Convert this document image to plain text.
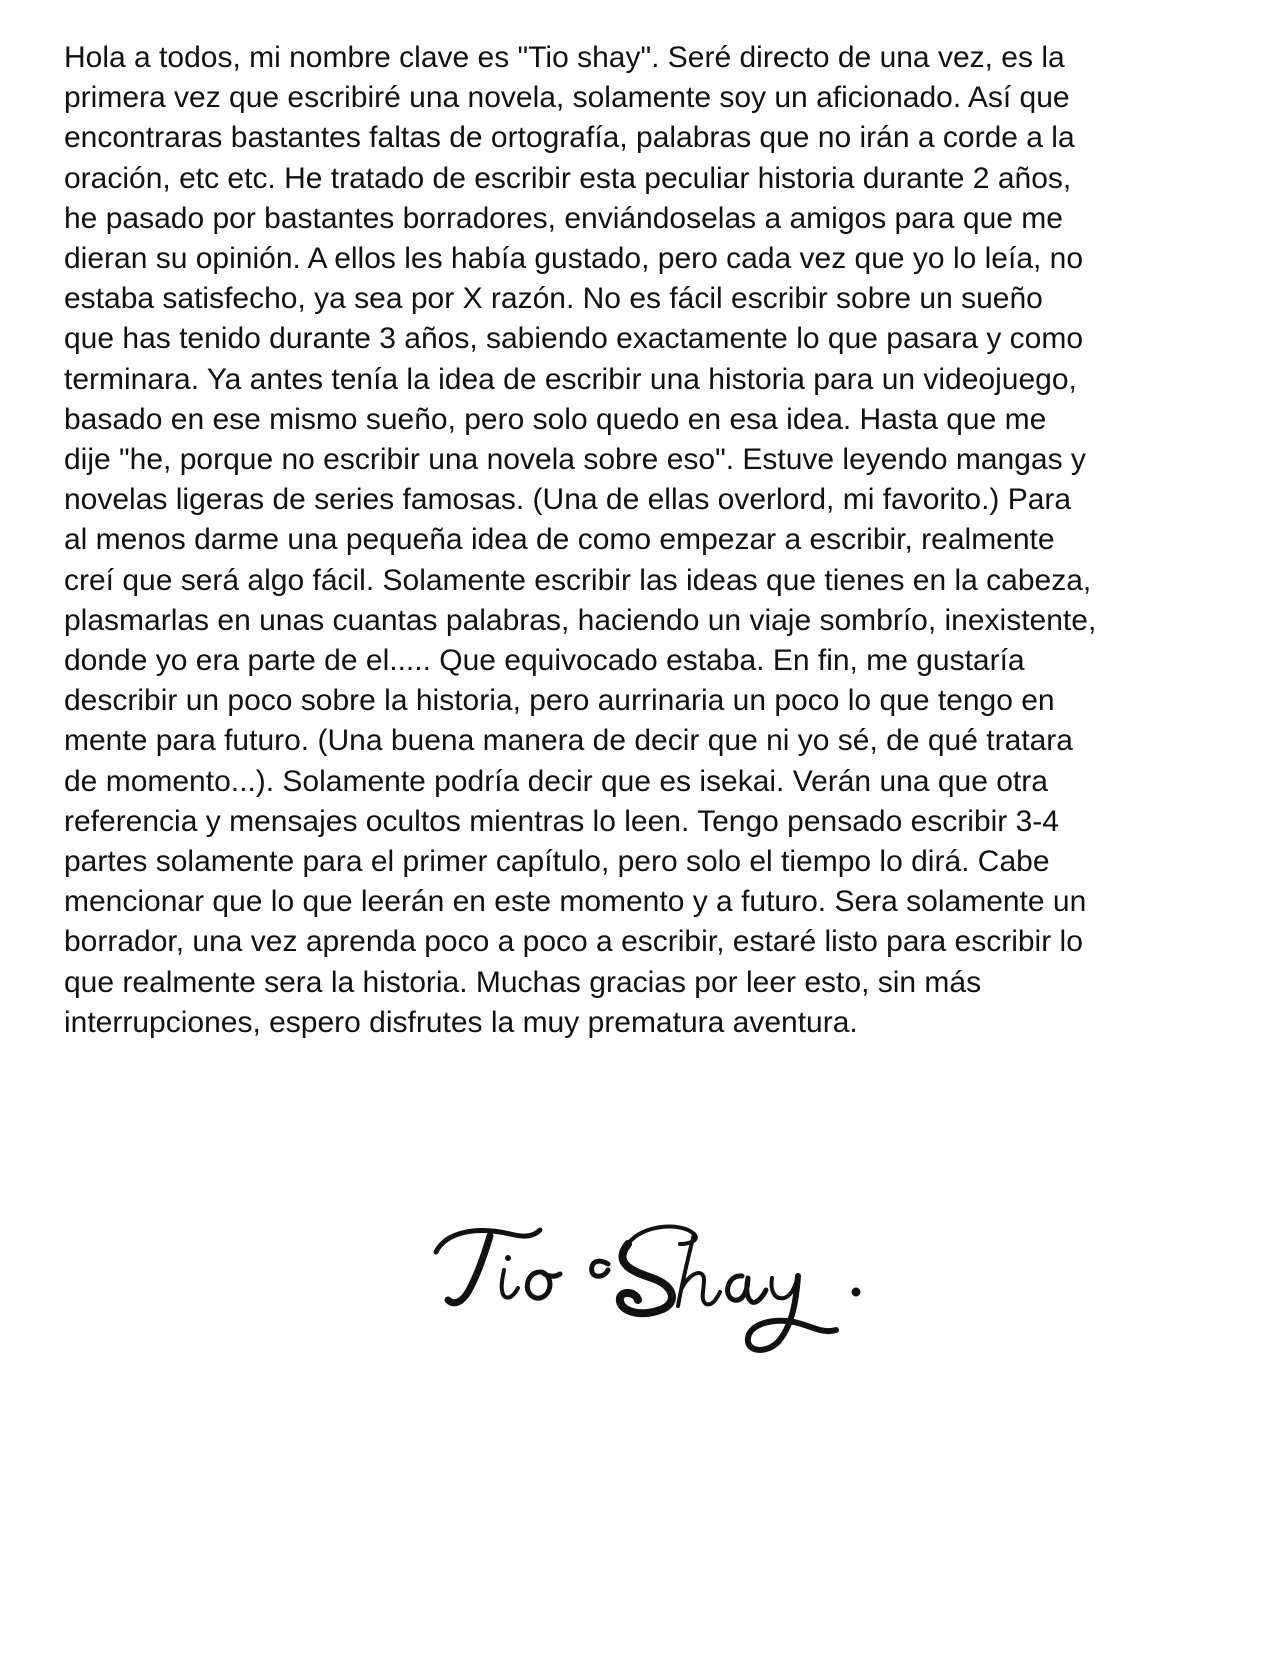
Hola a todos, mi nombre clave es "Tio shay". Seré directo de una vez, es la
primera vez que escribiré una novela, solamente soy un aficionado. Así que
encontraras bastantes faltas de ortografía, palabras que no irán a corde a la
oración, etc etc. He tratado de escribir esta peculiar historia durante 2 años,
he pasado por bastantes borradores, enviándoselas a amigos para que me
dieran su opinión. A ellos les había gustado, pero cada vez que yo lo leía, no
estaba satisfecho, ya sea por X razón. No es fácil escribir sobre un sueño
que has tenido durante 3 años, sabiendo exactamente lo que pasara y como
terminara. Ya antes tenía la idea de escribir una historia para un videojuego,
basado en ese mismo sueño, pero solo quedo en esa idea. Hasta que me
dije "he, porque no escribir una novela sobre eso". Estuve leyendo mangas y
novelas ligeras de series famosas. (Una de ellas overlord, mi favorito.) Para
al menos darme una pequeña idea de como empezar a escribir, realmente
creí que será algo fácil. Solamente escribir las ideas que tienes en la cabeza,
plasmarlas en unas cuantas palabras, haciendo un viaje sombrío, inexistente,
donde yo era parte de el..... Que equivocado estaba. En fin, me gustaría
describir un poco sobre la historia, pero aurrinaria un poco lo que tengo en
mente para futuro. (Una buena manera de decir que ni yo sé, de qué tratara
de momento...). Solamente podría decir que es isekai. Verán una que otra
referencia y mensajes ocultos mientras lo leen. Tengo pensado escribir 3-4
partes solamente para el primer capítulo, pero solo el tiempo lo dirá. Cabe
mencionar que lo que leerán en este momento y a futuro. Sera solamente un
borrador, una vez aprenda poco a poco a escribir, estaré listo para escribir lo
que realmente sera la historia. Muchas gracias por leer esto, sin más
interrupciones, espero disfrutes la muy prematura aventura.
